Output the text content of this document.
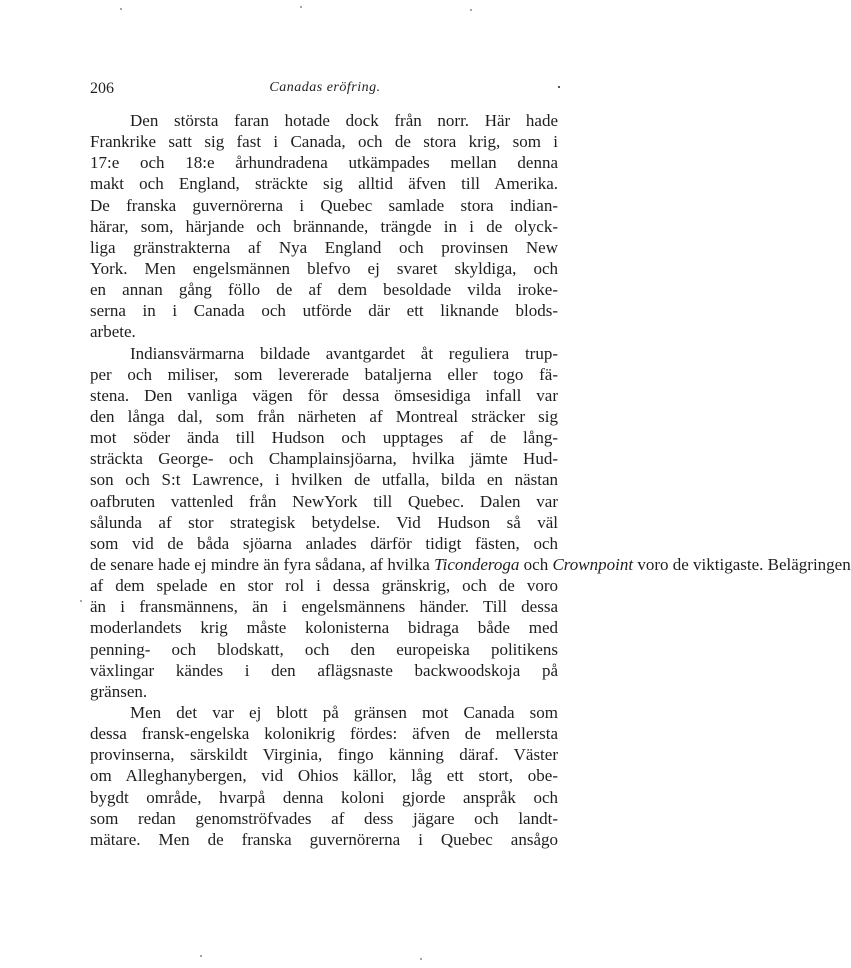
206	Canadas eröfring.
Den största faran hotade dock från norr. Här hade
Frankrike satt sig fast i Canada, och de stora krig, som i
17:e och 18:e århundradena utkämpades mellan denna
makt och England, sträckte sig alltid äfven till Amerika.
De franska guvernörerna i Quebec samlade stora indian-
härar, som, härjande och brännande, trängde in i de olyck-
liga gränstrakterna af Nya England och provinsen New
York. Men engelsmännen blefvo ej svaret skyldiga, och
en annan gång föllo de af dem besoldade vilda iroke-
serna in i Canada och utförde där ett liknande blods-
arbete.
Indiansvärmarna bildade avantgardet åt reguliera trup-
per och miliser, som levererade bataljerna eller togo fä-
stena. Den vanliga vägen för dessa ömsesidiga infall var
den långa dal, som från närheten af Montreal sträcker sig
mot söder ända till Hudson och upptages af de lång-
sträckta George- och Champlainsjöarna, hvilka jämte Hud-
son och S:t Lawrence, i hvilken de utfalla, bilda en nästan
oafbruten vattenled från NewYork till Quebec. Dalen var
sålunda af stor strategisk betydelse. Vid Hudson så väl
som vid de båda sjöarna anlades därför tidigt fästen, och
de senare hade ej mindre än fyra sådana, af hvilka Ticonderoga och Crownpoint voro de viktigaste. Belägringen
af dem spelade en stor rol i dessa gränskrig, och de voro
än i fransmännens, än i engelsmännens händer. Till dessa
moderlandets krig måste kolonisterna bidraga både med
penning- och blodskatt, och den europeiska politikens
växlingar kändes i den aflägsnaste backwoodskoja på
gränsen.
Men det var ej blott på gränsen mot Canada som
dessa fransk-engelska kolonikrig fördes: äfven de mellersta
provinserna, särskildt Virginia, fingo känning däraf. Väster
om Alleghanybergen, vid Ohios källor, låg ett stort, obe-
bygdt område, hvarpå denna koloni gjorde anspråk och
som redan genomströfvades af dess jägare och landt-
mätare. Men de franska guvernörerna i Quebec ansågo
